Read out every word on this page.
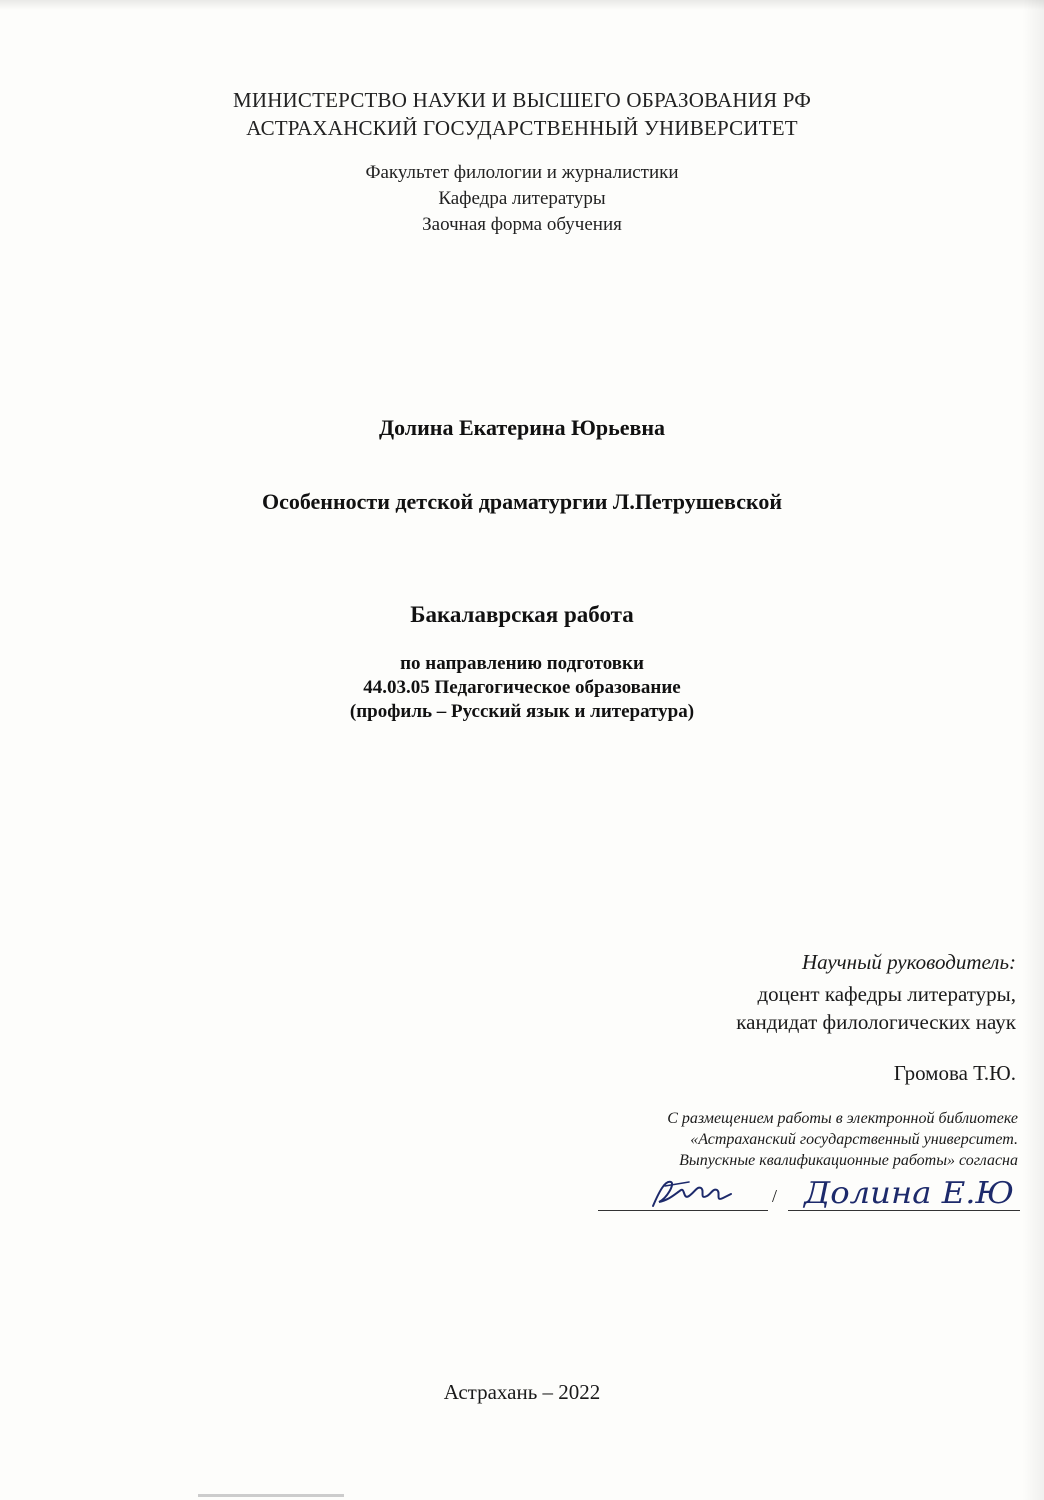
МИНИСТЕРСТВО НАУКИ И ВЫСШЕГО ОБРАЗОВАНИЯ РФ
АСТРАХАНСКИЙ ГОСУДАРСТВЕННЫЙ УНИВЕРСИТЕТ
Факультет филологии и журналистики
Кафедра литературы
Заочная форма обучения
Долина Екатерина Юрьевна
Особенности детской драматургии Л.Петрушевской
Бакалаврская работа
по направлению подготовки
44.03.05 Педагогическое образование
(профиль – Русский язык и литература)
Научный руководитель:
доцент кафедры литературы,
кандидат филологических наук
Громова Т.Ю.
С размещением работы в электронной библиотеке
«Астраханский государственный университет.
Выпускные квалификационные работы» согласна
/ Долина Е.Ю
Астрахань – 2022
